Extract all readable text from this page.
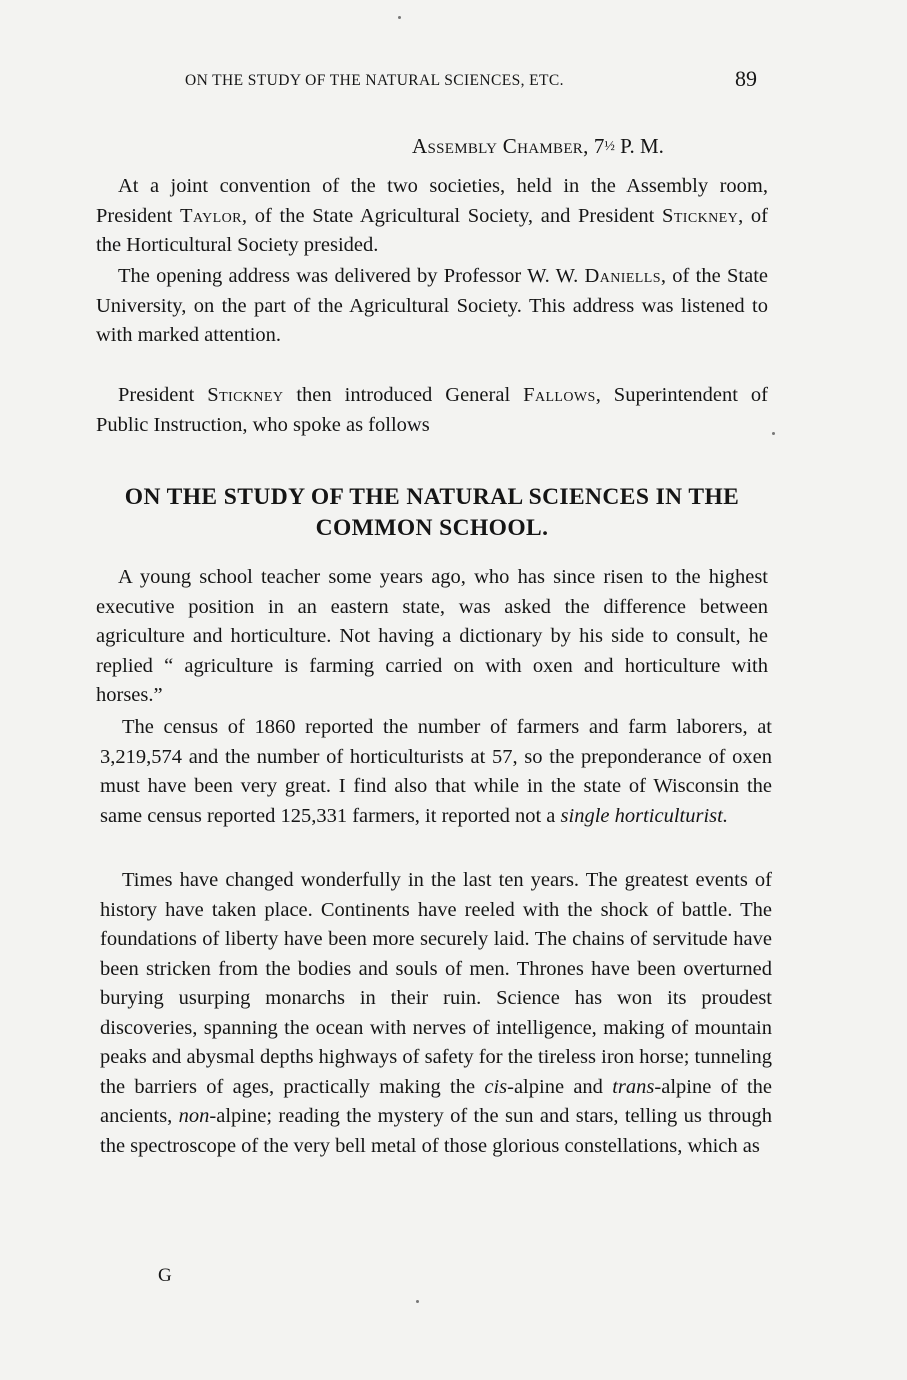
ON THE STUDY OF THE NATURAL SCIENCES, ETC.	89
Assembly Chamber, 7½ P. M.

At a joint convention of the two societies, held in the Assembly room, President Taylor, of the State Agricultural Society, and President Stickney, of the Horticultural Society presided.

The opening address was delivered by Professor W. W. Daniells, of the State University, on the part of the Agricultural Society. This address was listened to with marked attention.

President Stickney then introduced General Fallows, Superintendent of Public Instruction, who spoke as follows

ON THE STUDY OF THE NATURAL SCIENCES IN THE COMMON SCHOOL.

A young school teacher some years ago, who has since risen to the highest executive position in an eastern state, was asked the difference between agriculture and horticulture. Not having a dictionary by his side to consult, he replied “ agriculture is farming carried on with oxen and horticulture with horses.”

The census of 1860 reported the number of farmers and farm laborers, at 3,219,574 and the number of horticulturists at 57, so the preponderance of oxen must have been very great. I find also that while in the state of Wisconsin the same census reported 125,331 farmers, it reported not a single horticulturist.

Times have changed wonderfully in the last ten years. The greatest events of history have taken place. Continents have reeled with the shock of battle. The foundations of liberty have been more securely laid. The chains of servitude have been stricken from the bodies and souls of men. Thrones have been overturned burying usurping monarchs in their ruin. Science has won its proudest discoveries, spanning the ocean with nerves of intelligence, making of mountain peaks and abysmal depths highways of safety for the tireless iron horse; tunneling the barriers of ages, practically making the cis-alpine and trans-alpine of the ancients, non-alpine; reading the mystery of the sun and stars, telling us through the spectroscope of the very bell metal of those glorious constellations, which as

G
